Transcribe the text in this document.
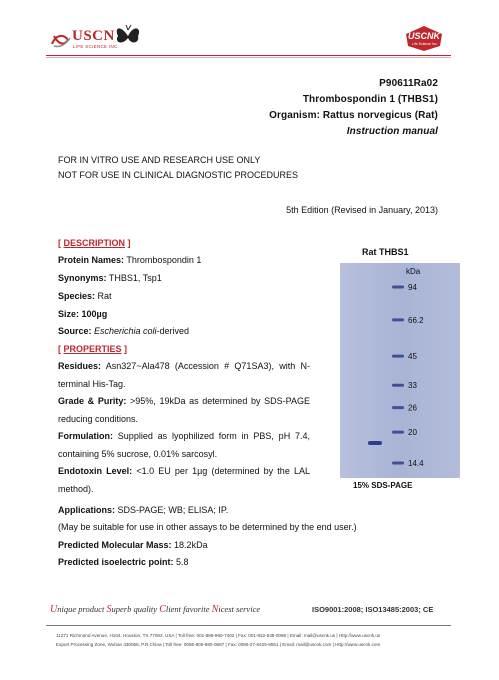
USCN
LIFE SCIENCE INC.
USCNK
Life Science Inc.
P90611Ra02
Thrombospondin 1 (THBS1)
Organism: Rattus norvegicus (Rat)
Instruction manual
FOR IN VITRO USE AND RESEARCH USE ONLY
NOT FOR USE IN CLINICAL DIAGNOSTIC PROCEDURES
5th Edition (Revised in January, 2013)
[ DESCRIPTION ]
Protein Names: Thrombospondin 1
Synonyms: THBS1, Tsp1
Species: Rat
Size: 100µg
Source: Escherichia coli-derived
[ PROPERTIES ]
Residues: Asn327~Ala478 (Accession # Q71SA3), with N-terminal His-Tag.
Grade & Purity: >95%, 19kDa as determined by SDS-PAGE reducing conditions.
Formulation: Supplied as lyophilized form in PBS, pH 7.4, containing 5% sucrose, 0.01% sarcosyl.
Endotoxin Level: <1.0 EU per 1µg (determined by the LAL method).
Applications: SDS-PAGE; WB; ELISA; IP.
(May be suitable for use in other assays to be determined by the end user.)
Predicted Molecular Mass: 18.2kDa
Predicted isoelectric point: 5.8
Rat THBS1
94
66.2
45
33
26
20
14.4
kDa
15% SDS-PAGE
Unique product Superb quality Client favorite Nicest service	ISO9001:2008; ISO13485:2003; CE
11271 Richmond Avenue, H104, Houston, TX 77082, USA | Toll free: 001-888-960-7402 | Fax: 001-832-538-0088 | Email: mail@uscnk.us | Http://www.uscnk.us
Export Processing Zone, Wuhan 430056, P.R.China | Toll free: 0086-800-880-0687 | Fax: 0086-27-8425-9551 | Email: mail@uscnk.com | Http://www.uscnk.com
